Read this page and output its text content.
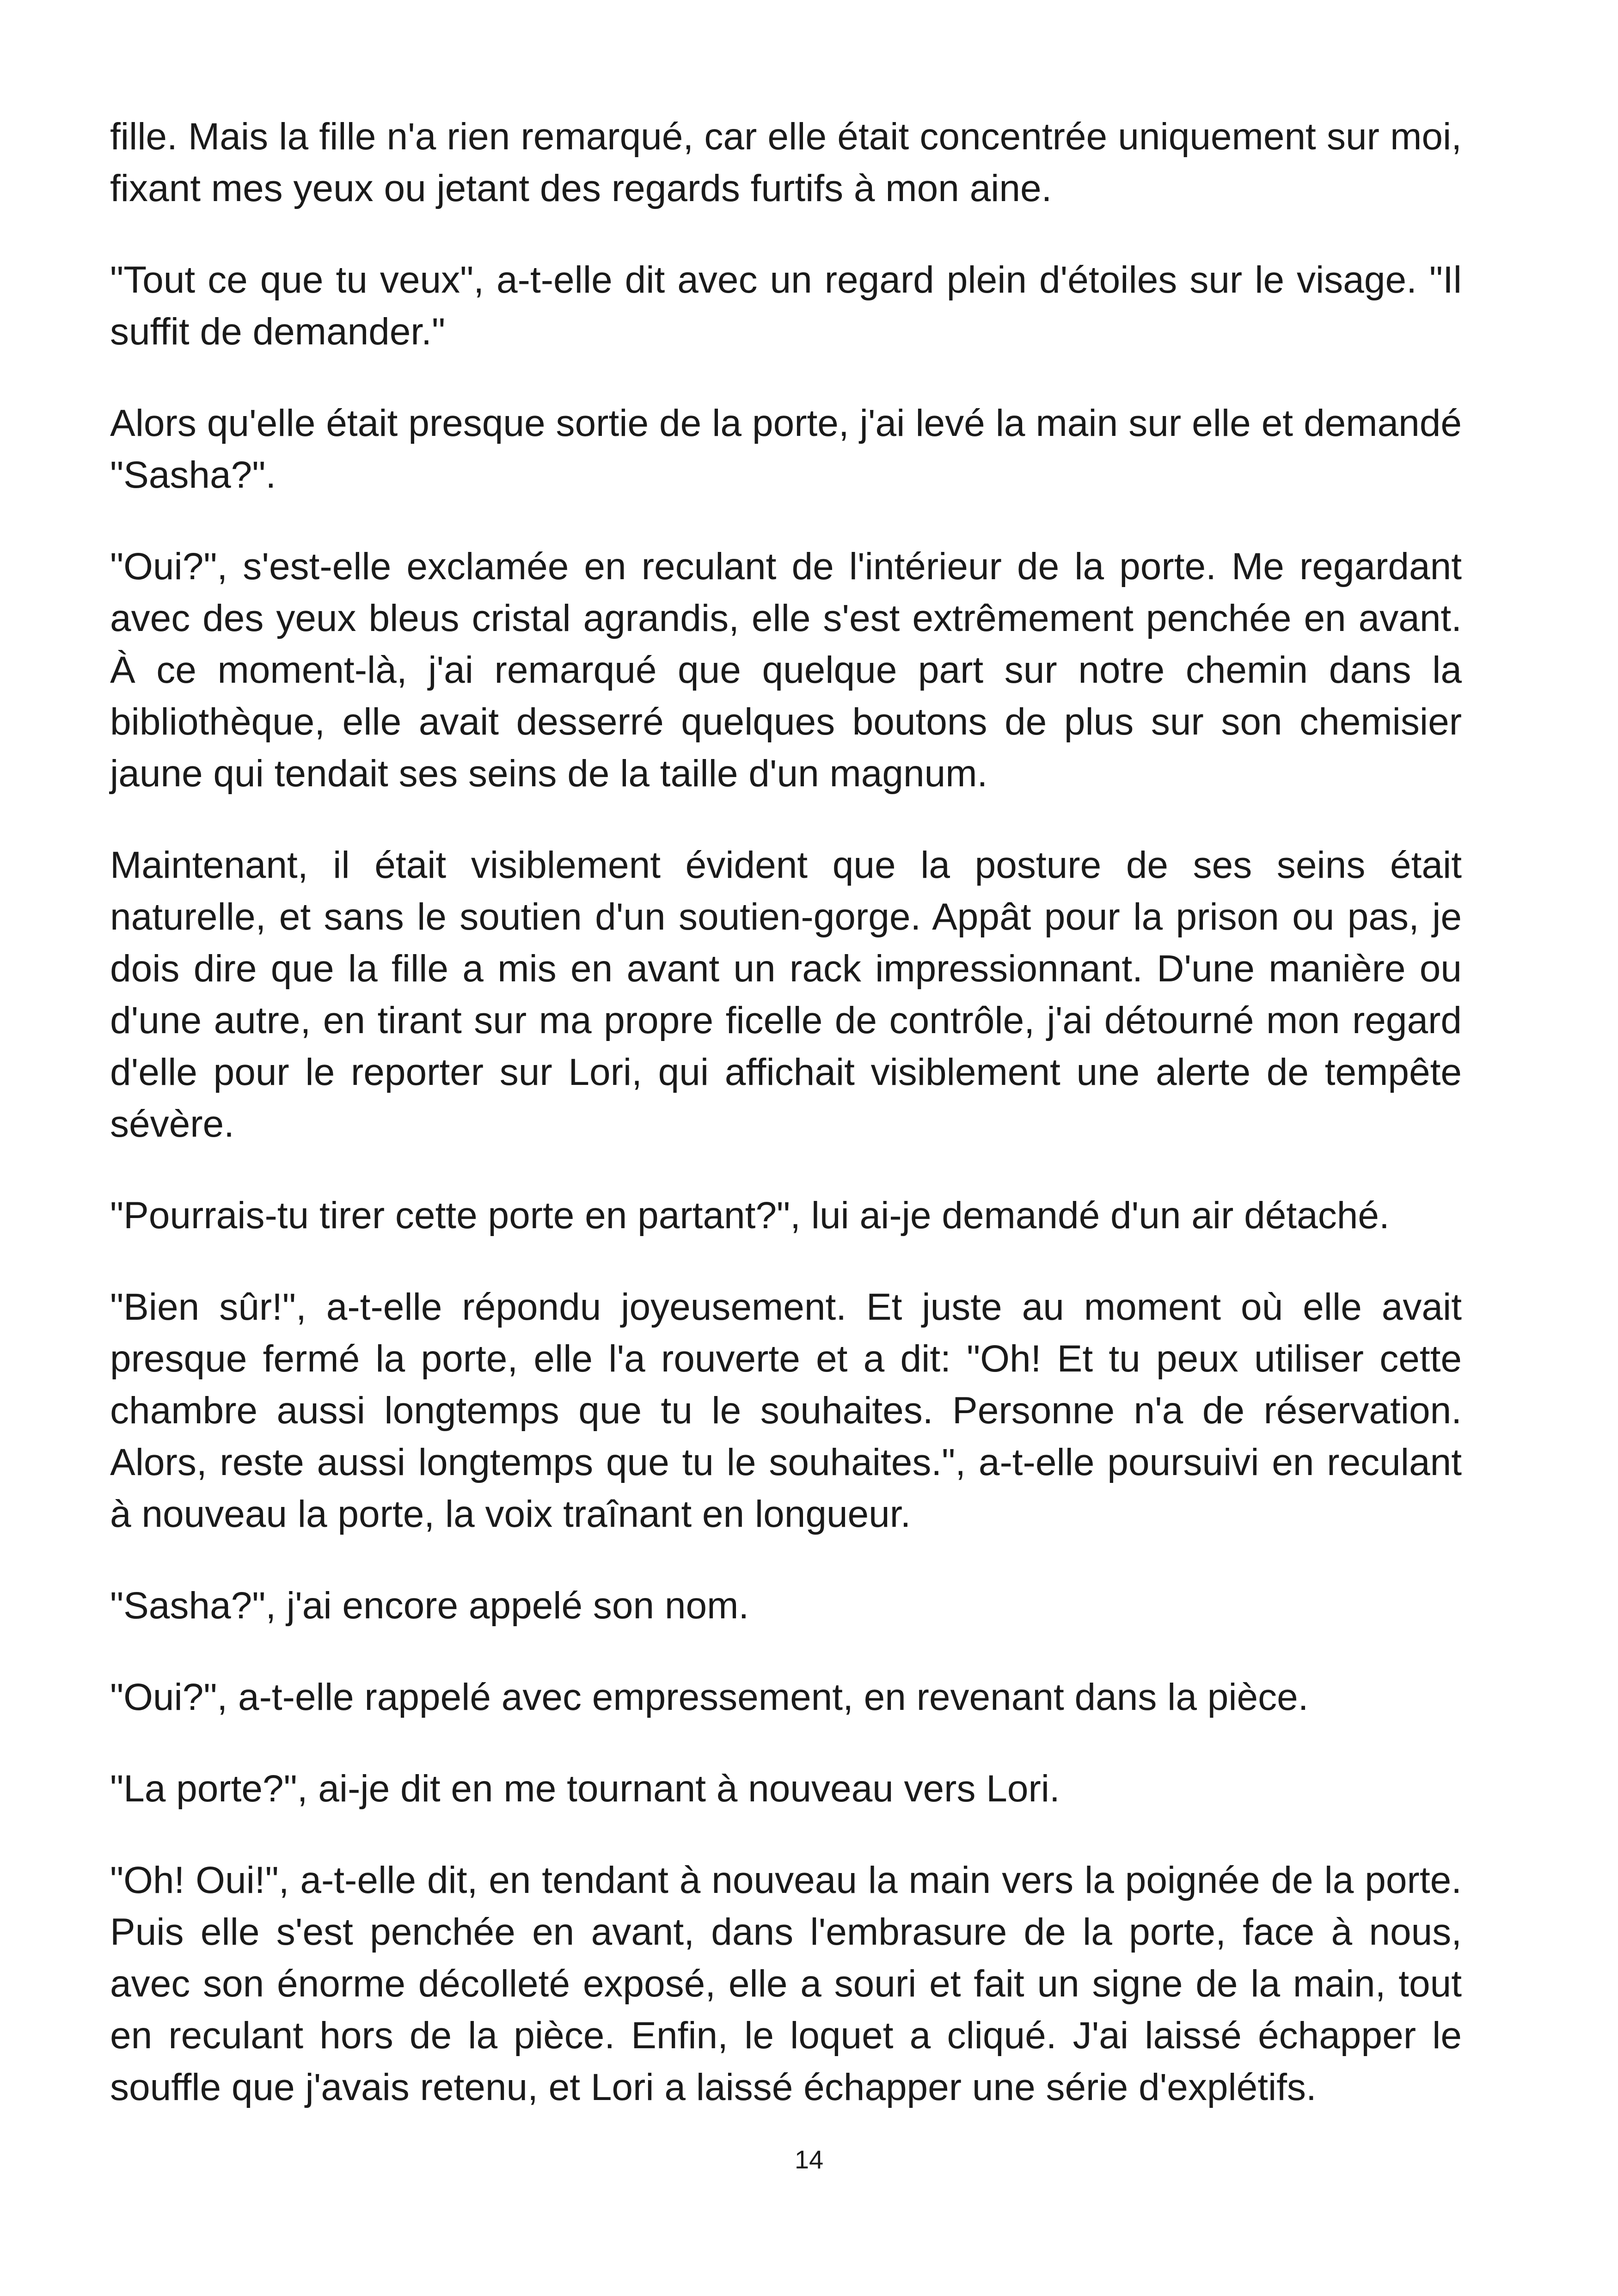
fille. Mais la fille n'a rien remarqué, car elle était concentrée uniquement sur moi, fixant mes yeux ou jetant des regards furtifs à mon aine.

"Tout ce que tu veux", a-t-elle dit avec un regard plein d'étoiles sur le visage. "Il suffit de demander."

Alors qu'elle était presque sortie de la porte, j'ai levé la main sur elle et demandé "Sasha?".

"Oui?", s'est-elle exclamée en reculant de l'intérieur de la porte. Me regardant avec des yeux bleus cristal agrandis, elle s'est extrêmement penchée en avant. À ce moment-là, j'ai remarqué que quelque part sur notre chemin dans la bibliothèque, elle avait desserré quelques boutons de plus sur son chemisier jaune qui tendait ses seins de la taille d'un magnum.

Maintenant, il était visiblement évident que la posture de ses seins était naturelle, et sans le soutien d'un soutien-gorge. Appât pour la prison ou pas, je dois dire que la fille a mis en avant un rack impressionnant. D'une manière ou d'une autre, en tirant sur ma propre ficelle de contrôle, j'ai détourné mon regard d'elle pour le reporter sur Lori, qui affichait visiblement une alerte de tempête sévère.

"Pourrais-tu tirer cette porte en partant?", lui ai-je demandé d'un air détaché.

"Bien sûr!", a-t-elle répondu joyeusement. Et juste au moment où elle avait presque fermé la porte, elle l'a rouverte et a dit: "Oh! Et tu peux utiliser cette chambre aussi longtemps que tu le souhaites. Personne n'a de réservation. Alors, reste aussi longtemps que tu le souhaites.", a-t-elle poursuivi en reculant à nouveau la porte, la voix traînant en longueur.

"Sasha?", j'ai encore appelé son nom.

"Oui?", a-t-elle rappelé avec empressement, en revenant dans la pièce.

"La porte?", ai-je dit en me tournant à nouveau vers Lori.

"Oh! Oui!", a-t-elle dit, en tendant à nouveau la main vers la poignée de la porte. Puis elle s'est penchée en avant, dans l'embrasure de la porte, face à nous, avec son énorme décolleté exposé, elle a souri et fait un signe de la main, tout en reculant hors de la pièce. Enfin, le loquet a cliqué. J'ai laissé échapper le souffle que j'avais retenu, et Lori a laissé échapper une série d'explétifs.

14
